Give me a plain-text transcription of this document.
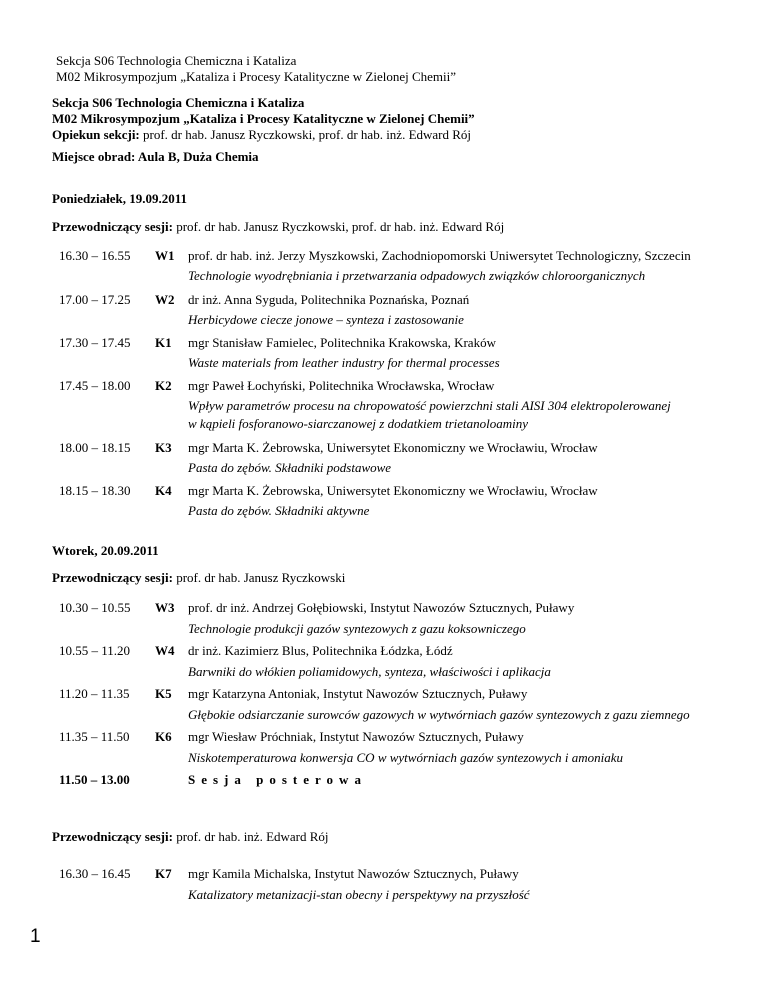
Sekcja S06 Technologia Chemiczna i Kataliza
M02 Mikrosympozjum „Kataliza i Procesy Katalityczne w Zielonej Chemii”
Sekcja S06 Technologia Chemiczna i Kataliza
M02 Mikrosympozjum „Kataliza i Procesy Katalityczne w Zielonej Chemii”
Opiekun sekcji: prof. dr hab. Janusz Ryczkowski, prof. dr hab. inż. Edward Rój
Miejsce obrad: Aula B, Duża Chemia
Poniedziałek, 19.09.2011
Przewodniczący sesji: prof. dr hab. Janusz Ryczkowski, prof. dr hab. inż. Edward Rój
16.30 – 16.55 W1 prof. dr hab. inż. Jerzy Myszkowski, Zachodniopomorski Uniwersytet Technologiczny, Szczecin
Technologie wyodrębniania i przetwarzania odpadowych związków chloroorganicznych
17.00 – 17.25 W2 dr inż. Anna Syguda, Politechnika Poznańska, Poznań
Herbicydowe ciecze jonowe – synteza i zastosowanie
17.30 – 17.45 K1 mgr Stanisław Famielec, Politechnika Krakowska, Kraków
Waste materials from leather industry for thermal processes
17.45 – 18.00 K2 mgr Paweł Łochyński, Politechnika Wrocławska, Wrocław
Wpływ parametrów procesu na chropowatość powierzchni stali AISI 304 elektropolerowanej
w kąpieli fosforanowo-siarczanowej z dodatkiem trietanoloaminy
18.00 – 18.15 K3 mgr Marta K. Żebrowska, Uniwersytet Ekonomiczny we Wrocławiu, Wrocław
Pasta do zębów. Składniki podstawowe
18.15 – 18.30 K4 mgr Marta K. Żebrowska, Uniwersytet Ekonomiczny we Wrocławiu, Wrocław
Pasta do zębów. Składniki aktywne
Wtorek, 20.09.2011
Przewodniczący sesji: prof. dr hab. Janusz Ryczkowski
10.30 – 10.55 W3 prof. dr inż. Andrzej Gołębiowski, Instytut Nawozów Sztucznych, Puławy
Technologie produkcji gazów syntezowych z gazu koksowniczego
10.55 – 11.20 W4 dr inż. Kazimierz Blus, Politechnika Łódzka, Łódź
Barwniki do włókien poliamidowych, synteza, właściwości i aplikacja
11.20 – 11.35 K5 mgr Katarzyna Antoniak, Instytut Nawozów Sztucznych, Puławy
Głębokie odsiarczanie surowców gazowych w wytwórniach gazów syntezowych z gazu ziemnego
11.35 – 11.50 K6 mgr Wiesław Próchniak, Instytut Nawozów Sztucznych, Puławy
Niskotemperaturowa konwersja CO w wytwórniach gazów syntezowych i amoniaku
11.50 – 13.00	Sesja posterowa
Przewodniczący sesji: prof. dr hab. inż. Edward Rój
16.30 – 16.45 K7 mgr Kamila Michalska, Instytut Nawozów Sztucznych, Puławy
Katalizatory metanizacji-stan obecny i perspektywy na przyszłość
1
